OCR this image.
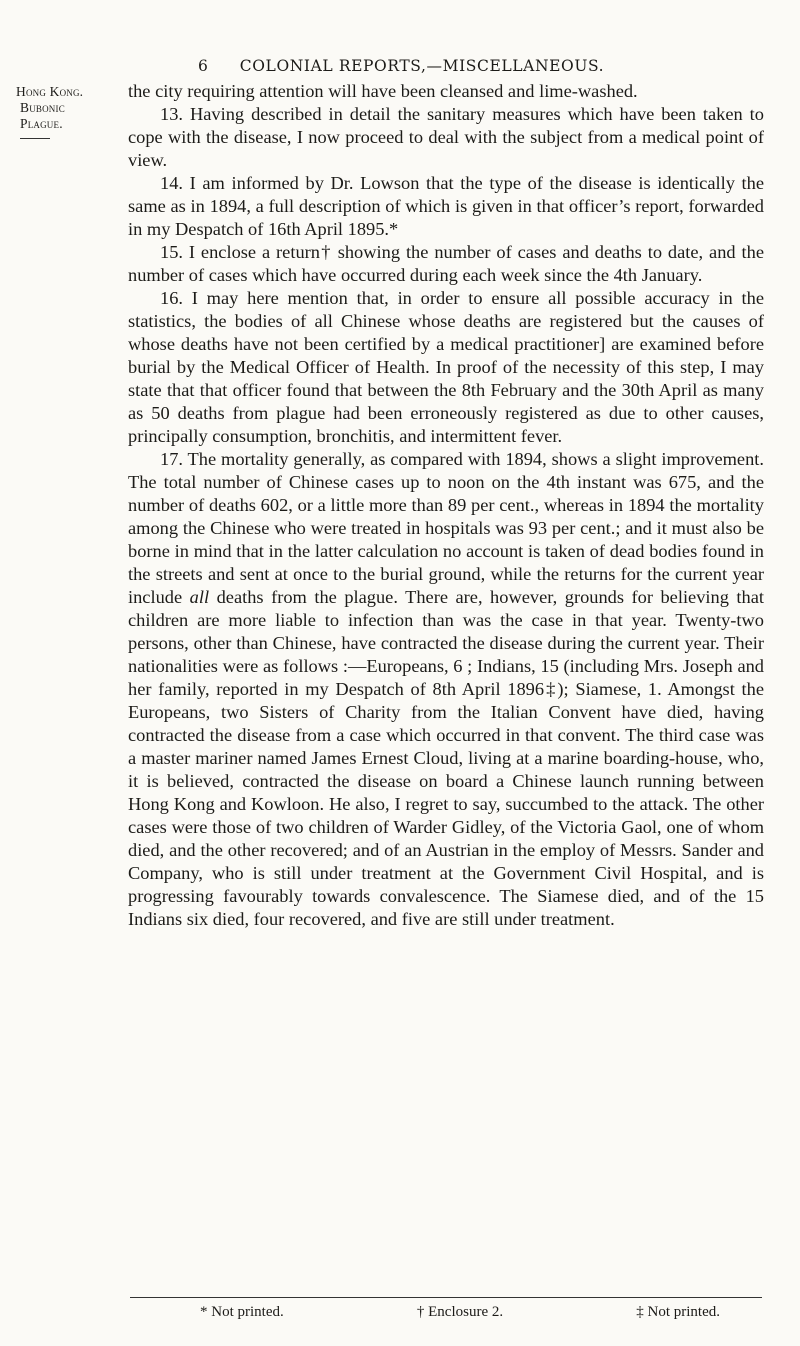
6 COLONIAL REPORTS,—MISCELLANEOUS.
Hong Kong.
Bubonic
Plague.

the city requiring attention will have been cleansed and lime-washed.

13. Having described in detail the sanitary measures which have been taken to cope with the disease, I now proceed to deal with the subject from a medical point of view.

14. I am informed by Dr. Lowson that the type of the disease is identically the same as in 1894, a full description of which is given in that officer’s report, forwarded in my Despatch of 16th April 1895.*

15. I enclose a return† showing the number of cases and deaths to date, and the number of cases which have occurred during each week since the 4th January.

16. I may here mention that, in order to ensure all possible accuracy in the statistics, the bodies of all Chinese whose deaths are registered but the causes of whose deaths have not been certified by a medical practitioner] are examined before burial by the Medical Officer of Health. In proof of the necessity of this step, I may state that that officer found that between the 8th February and the 30th April as many as 50 deaths from plague had been erroneously registered as due to other causes, principally consumption, bronchitis, and intermittent fever.

17. The mortality generally, as compared with 1894, shows a slight improvement. The total number of Chinese cases up to noon on the 4th instant was 675, and the number of deaths 602, or a little more than 89 per cent., whereas in 1894 the mortality among the Chinese who were treated in hospitals was 93 per cent.; and it must also be borne in mind that in the latter calculation no account is taken of dead bodies found in the streets and sent at once to the burial ground, while the returns for the current year include all deaths from the plague. There are, however, grounds for believing that children are more liable to infection than was the case in that year. Twenty-two persons, other than Chinese, have contracted the disease during the current year. Their nationalities were as follows :—Europeans, 6 ; Indians, 15 (including Mrs. Joseph and her family, reported in my Despatch of 8th April 1896‡); Siamese, 1. Amongst the Europeans, two Sisters of Charity from the Italian Convent have died, having contracted the disease from a case which occurred in that convent. The third case was a master mariner named James Ernest Cloud, living at a marine boarding-house, who, it is believed, contracted the disease on board a Chinese launch running between Hong Kong and Kowloon. He also, I regret to say, succumbed to the attack. The other cases were those of two children of Warder Gidley, of the Victoria Gaol, one of whom died, and the other recovered; and of an Austrian in the employ of Messrs. Sander and Company, who is still under treatment at the Government Civil Hospital, and is progressing favourably towards convalescence. The Siamese died, and of the 15 Indians six died, four recovered, and five are still under treatment.

* Not printed.	† Enclosure 2.	‡ Not printed.
